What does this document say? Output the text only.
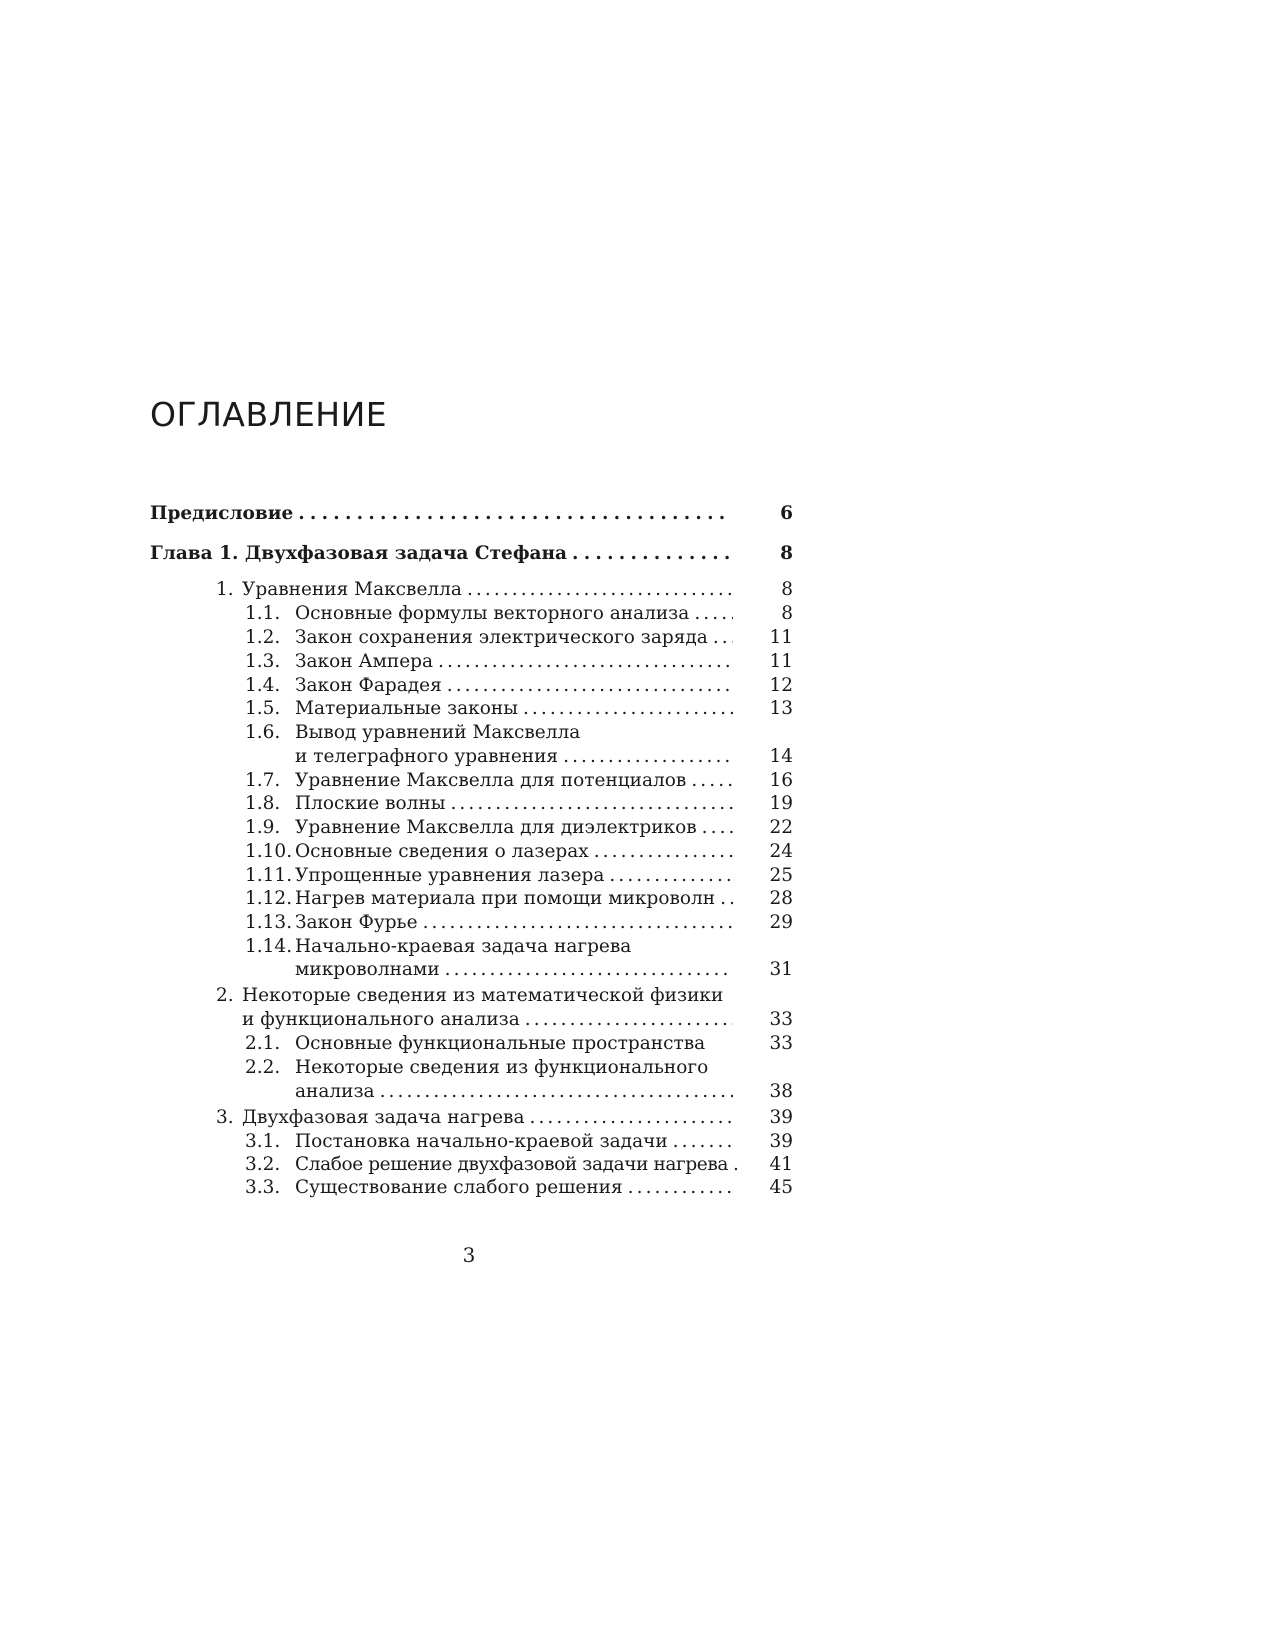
ОГЛАВЛЕНИЕ
Предисловие . . .	6
Глава 1. Двухфазовая задача Стефана . . .	8
1. Уравнения Максвелла . . .	8
1.1. Основные формулы векторного анализа . . .	8
1.2. Закон сохранения электрического заряда . . .	11
1.3. Закон Ампера . . .	11
1.4. Закон Фарадея . . .	12
1.5. Материальные законы . . .	13
1.6. Вывод уравнений Максвелла
и телеграфного уравнения . . .	14
1.7. Уравнение Максвелла для потенциалов . . .	16
1.8. Плоские волны . . .	19
1.9. Уравнение Максвелла для диэлектриков . . .	22
1.10. Основные сведения о лазерах . . .	24
1.11. Упрощенные уравнения лазера . . .	25
1.12. Нагрев материала при помощи микроволн . . .	28
1.13. Закон Фурье . . .	29
1.14. Начально-краевая задача нагрева
микроволнами . . .	31
2. Некоторые сведения из математической физики
и функционального анализа . . .	33
2.1. Основные функциональные пространства	33
2.2. Некоторые сведения из функционального
анализа . . .	38
3. Двухфазовая задача нагрева . . .	39
3.1. Постановка начально-краевой задачи . . .	39
3.2. Слабое решение двухфазовой задачи нагрева . . . 41
3.3. Существование слабого решения . . .	45
3
